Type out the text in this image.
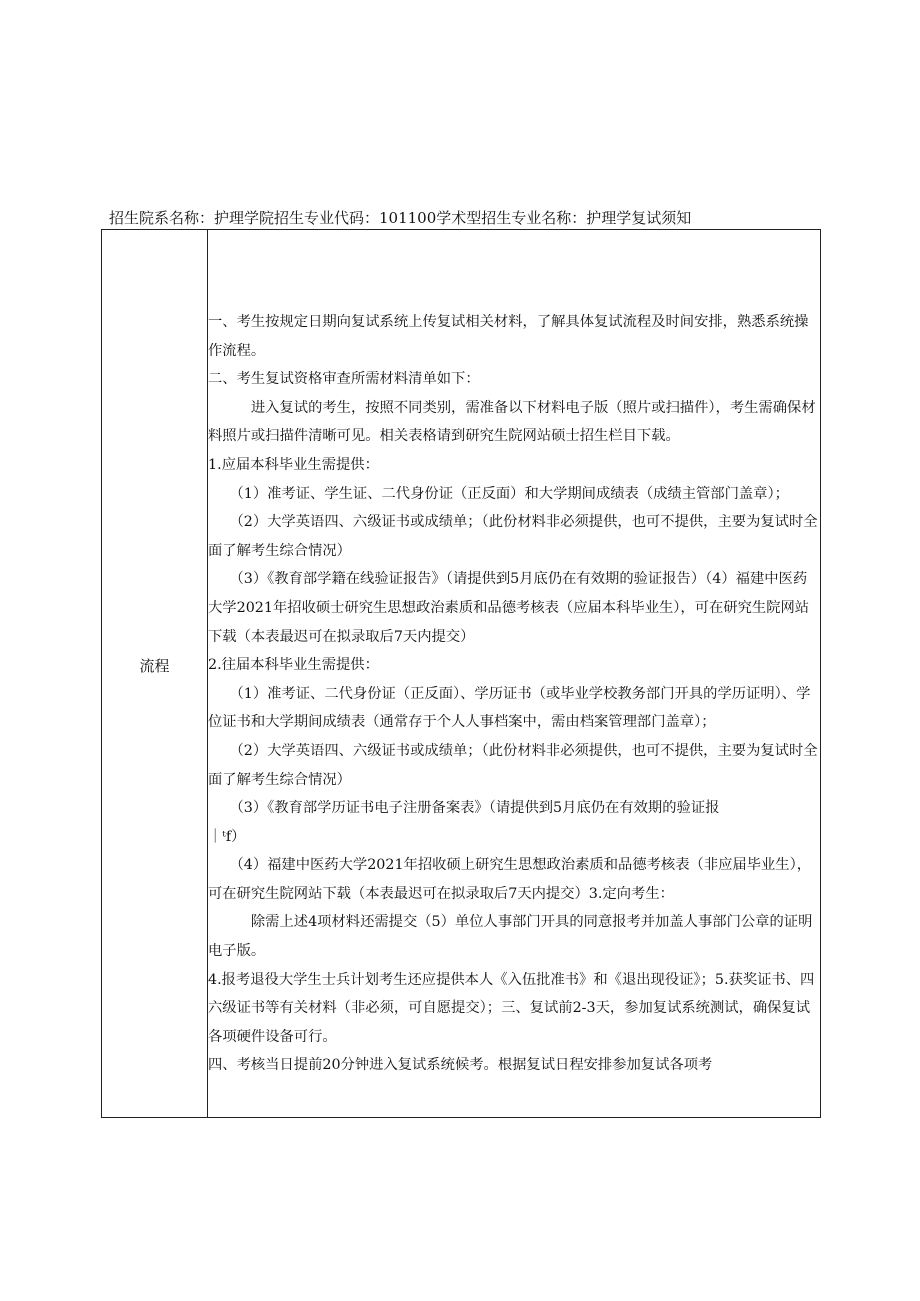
招生院系名称：护理学院招生专业代码：101100学术型招生专业名称：护理学复试须知
流程

一、考生按规定日期向复试系统上传复试相关材料，了解具体复试流程及时间安排，熟悉系统操作流程。

二、考生复试资格审查所需材料清单如下：

进入复试的考生，按照不同类别，需准备以下材料电子版（照片或扫描件），考生需确保材料照片或扫描件清晰可见。相关表格请到研究生院网站硕士招生栏目下载。

1.应届本科毕业生需提供：

（1）准考证、学生证、二代身份证（正反面）和大学期间成绩表（成绩主管部门盖章）；

（2）大学英语四、六级证书或成绩单；（此份材料非必须提供，也可不提供，主要为复试时全面了解考生综合情况）

（3）《教育部学籍在线验证报告》（请提供到5月底仍在有效期的验证报告）（4）福建中医药大学2021年招收硕士研究生思想政治素质和品德考核表（应届本科毕业生），可在研究生院网站下载（本表最迟可在拟录取后7天内提交）

2.往届本科毕业生需提供：

（1）准考证、二代身份证（正反面）、学历证书（或毕业学校教务部门开具的学历证明）、学位证书和大学期间成绩表（通常存于个人人事档案中，需由档案管理部门盖章）；

（2）大学英语四、六级证书或成绩单；（此份材料非必须提供，也可不提供，主要为复试时全面了解考生综合情况）

（3）《教育部学历证书电子注册备案表》（请提供到5月底仍在有效期的验证报

｜ᵗf）

（4）福建中医药大学2021年招收硕上研究生思想政治素质和品德考核表（非应届毕业生），可在研究生院网站下载（本表最迟可在拟录取后7天内提交）3.定向考生：

除需上述4项材料还需提交（5）单位人事部门开具的同意报考并加盖人事部门公章的证明电子版。

4.报考退役大学生士兵计划考生还应提供本人《入伍批准书》和《退出现役证》；5.获奖证书、四六级证书等有关材料（非必须，可自愿提交）；三、复试前2-3天，参加复试系统测试，确保复试各项硬件设备可行。

四、考核当日提前20分钟进入复试系统候考。根据复试日程安排参加复试各项考
